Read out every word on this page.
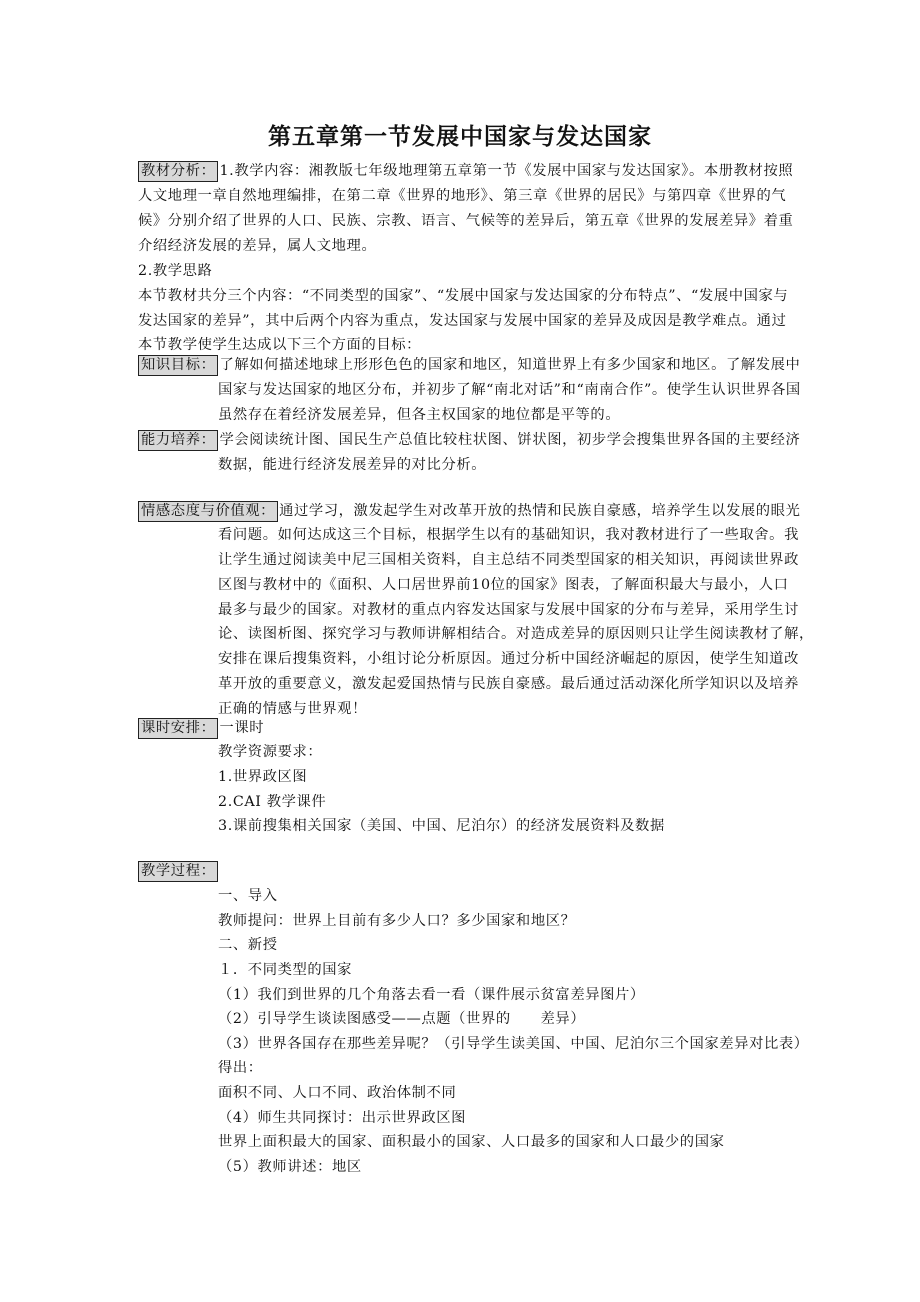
第五章第一节发展中国家与发达国家
教材分析： 1.教学内容：湘教版七年级地理第五章第一节《发展中国家与发达国家》。本册教材按照
人文地理一章自然地理编排，在第二章《世界的地形》、第三章《世界的居民》与第四章《世界的气
候》分别介绍了世界的人口、民族、宗教、语言、气候等的差异后，第五章《世界的发展差异》着重
介绍经济发展的差异，属人文地理。
2.教学思路
本节教材共分三个内容：“不同类型的国家”、“发展中国家与发达国家的分布特点”、“发展中国家与
发达国家的差异”，其中后两个内容为重点，发达国家与发展中国家的差异及成因是教学难点。通过
本节教学使学生达成以下三个方面的目标：
知识目标： 了解如何描述地球上形形色色的国家和地区，知道世界上有多少国家和地区。了解发展中
国家与发达国家的地区分布，并初步了解“南北对话”和“南南合作”。使学生认识世界各国
虽然存在着经济发展差异，但各主权国家的地位都是平等的。
能力培养： 学会阅读统计图、国民生产总值比较柱状图、饼状图，初步学会搜集世界各国的主要经济
数据，能进行经济发展差异的对比分析。
情感态度与价值观： 通过学习，激发起学生对改革开放的热情和民族自豪感，培养学生以发展的眼光
看问题。如何达成这三个目标，根据学生以有的基础知识，我对教材进行了一些取舍。我
让学生通过阅读美中尼三国相关资料，自主总结不同类型国家的相关知识，再阅读世界政
区图与教材中的《面积、人口居世界前10位的国家》图表，了解面积最大与最小，人口
最多与最少的国家。对教材的重点内容发达国家与发展中国家的分布与差异，采用学生讨
论、读图析图、探究学习与教师讲解相结合。对造成差异的原因则只让学生阅读教材了解，
安排在课后搜集资料，小组讨论分析原因。通过分析中国经济崛起的原因，使学生知道改
革开放的重要意义，激发起爱国热情与民族自豪感。最后通过活动深化所学知识以及培养
正确的情感与世界观！
课时安排： 一课时
教学资源要求：
1.世界政区图
2.CAI 教学课件
3.课前搜集相关国家（美国、中国、尼泊尔）的经济发展资料及数据
教学过程：
一、导入
教师提问：世界上目前有多少人口？多少国家和地区？
二、新授
１．不同类型的国家
（1）我们到世界的几个角落去看一看（课件展示贫富差异图片）
（2）引导学生谈读图感受——点题（世界的　　差异）
（3）世界各国存在那些差异呢？（引导学生读美国、中国、尼泊尔三个国家差异对比表）
得出：
面积不同、人口不同、政治体制不同
（4）师生共同探讨：出示世界政区图
世界上面积最大的国家、面积最小的国家、人口最多的国家和人口最少的国家
（5）教师讲述：地区
